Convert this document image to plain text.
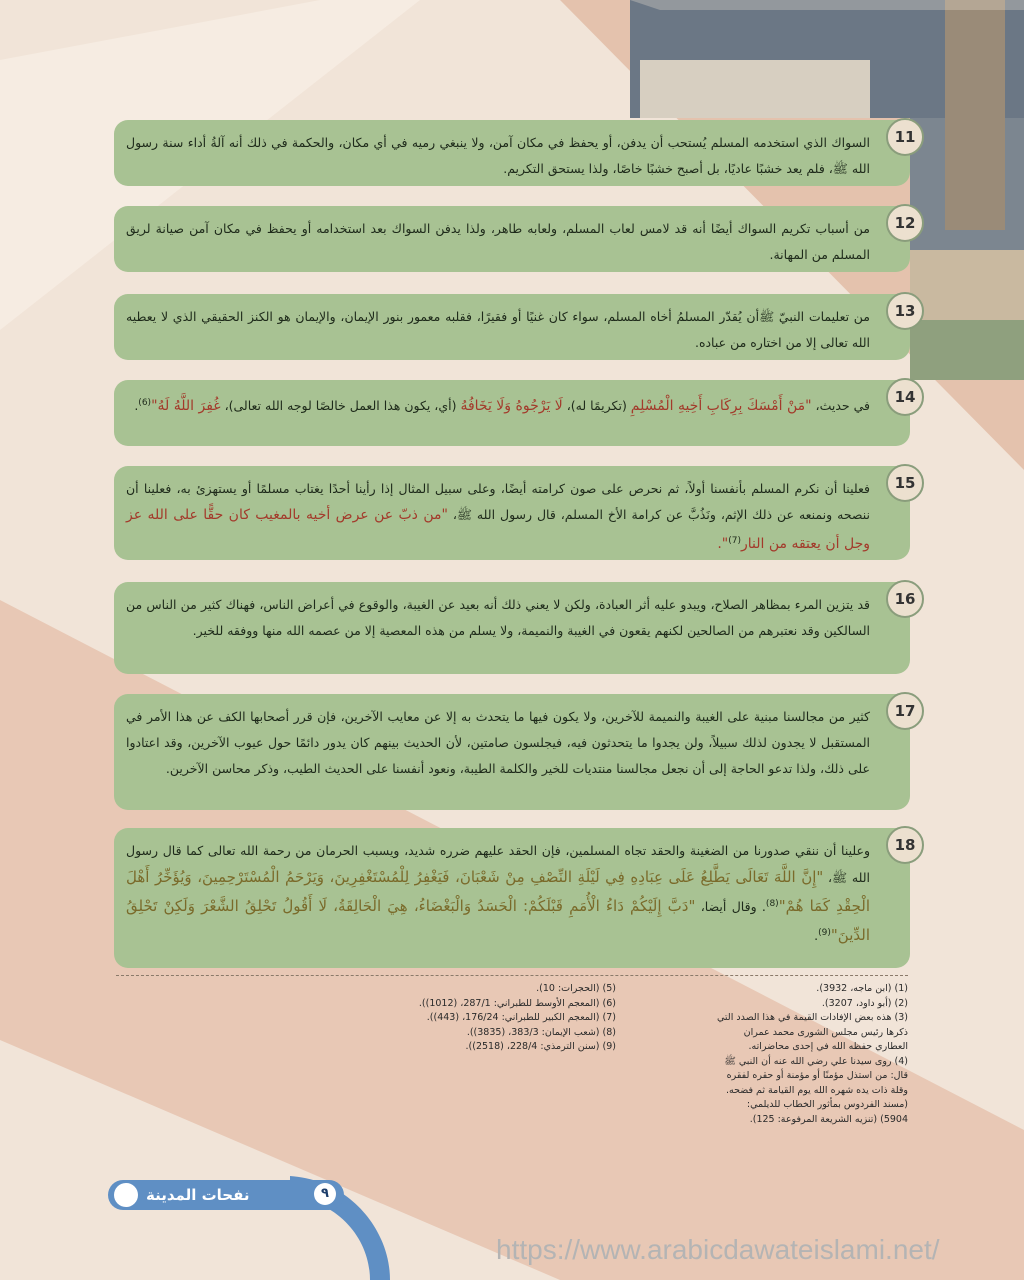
11
السواك الذي استخدمه المسلم يُستحب أن يدفن، أو يحفظ في مكان آمن، ولا ينبغي رميه في أي مكان، والحكمة في ذلك أنه آلةُ أداء سنة رسول الله ﷺ، فلم يعد خشبًا عاديًا، بل أصبح خشبًا خاصًا، ولذا يستحق التكريم.
12
من أسباب تكريم السواك أيضًا أنه قد لامس لعاب المسلم، ولعابه طاهر، ولذا يدفن السواك بعد استخدامه أو يحفظ في مكان آمن صيانة لريق المسلم من المهانة.
13
من تعليمات النبيّ ﷺأن يُقدّر المسلمُ أخاه المسلم، سواء كان غنيًا أو فقيرًا، فقلبه معمور بنور الإيمان، والإيمان هو الكنز الحقيقي الذي لا يعطيه الله تعالى إلا من اختاره من عباده.
14
في حديث، "مَنْ أَمْسَكَ بِرِكَابِ أَخِيهِ الْمُسْلِمِ (تكريمًا له)، لَا يَرْجُوهُ وَلَا يَخَافُهُ (أي، يكون هذا العمل خالصًا لوجه الله تعالى)، غُفِرَ اللَّهُ لَهُ"$^{(6)}$.
15
فعلينا أن نكرم المسلم بأنفسنا أولاً، ثم نحرص على صون كرامته أيضًا، وعلى سبيل المثال إذا رأينا أحدًا يغتاب مسلمًا أو يستهزئ به، فعلينا أن ننصحه ونمنعه عن ذلك الإثم، ونَذُبَّ عن كرامة الأخ المسلم، قال رسول الله ﷺ، "من ذبّ عن عرض أخيه بالمغيب كان حقًّا على الله عز وجل أن يعتقه من النار$^{(7)}$".
16
قد يتزين المرء بمظاهر الصلاح، ويبدو عليه أثر العبادة، ولكن لا يعني ذلك أنه بعيد عن الغيبة، والوقوع في أعراض الناس، فهناك كثير من الناس من السالكين وقد نعتبرهم من الصالحين لكنهم يقعون في الغيبة والنميمة، ولا يسلم من هذه المعصية إلا من عصمه الله منها ووفقه للخير.
17
كثير من مجالسنا مبنية على الغيبة والنميمة للآخرين، ولا يكون فيها ما يتحدث به إلا عن معايب الآخرين، فإن قرر أصحابها الكف عن هذا الأمر في المستقبل لا يجدون لذلك سبيلاً، ولن يجدوا ما يتحدثون فيه، فيجلسون صامتين، لأن الحديث بينهم كان يدور دائمًا حول عيوب الآخرين، وقد اعتادوا على ذلك، ولذا تدعو الحاجة إلى أن نجعل مجالسنا منتديات للخير والكلمة الطيبة، ونعود أنفسنا على الحديث الطيب، وذكر محاسن الآخرين.
18
وعلينا أن ننقي صدورنا من الضغينة والحقد تجاه المسلمين، فإن الحقد عليهم ضرره شديد، ويسبب الحرمان من رحمة الله تعالى كما قال رسول الله ﷺ، "إِنَّ اللَّهَ تَعَالَى يَطَّلِعُ عَلَى عِبَادِهِ فِي لَيْلَةِ النِّصْفِ مِنْ شَعْبَانَ، فَيَغْفِرُ لِلْمُسْتَغْفِرِينَ، وَيَرْحَمُ الْمُسْتَرْحِمِينَ، وَيُؤَخِّرُ أَهْلَ الْحِقْدِ كَمَا هُمْ"$^{(8)}$. وقال أيضا، "دَبَّ إِلَيْكُمْ دَاءُ الْأُمَمِ قَبْلَكُمْ: الْحَسَدُ وَالْبَغْضَاءُ، هِيَ الْحَالِقَةُ، لَا أَقُولُ تَحْلِقُ الشَّعْرَ وَلَكِنْ تَحْلِقُ الدِّينَ"$^{(9)}$.
(1) (ابن ماجه، 3932).
(2) (أبو داود، 3207).
(3) هذه بعض الإفادات القيمة في هذا الصدد التي
ذكرها رئيس مجلس الشورى محمد عمران
العطاري حفظه الله في إحدى محاضراته.
(4) روى سيدنا علي رضي الله عنه أن النبي ﷺ
قال: من استذل مؤمنًا أو مؤمنة أو حقره لفقره
وقلة ذات يده شهره الله يوم القيامة ثم فضحه.
(مسند الفردوس بمأثور الخطاب للديلمي:
5904) (تنزيه الشريعة المرفوعة: 125).
(5) (الحجرات: 10).
(6) (المعجم الأوسط للطبراني: 287/1، (1012)).
(7) (المعجم الكبير للطبراني: 176/24، (443)).
(8) (شعب الإيمان: 383/3، (3835)).
(9) (سنن الترمذي: 228/4، (2518)).
نفحات المدينة	٩
https://www.arabicdawateislami.net/
